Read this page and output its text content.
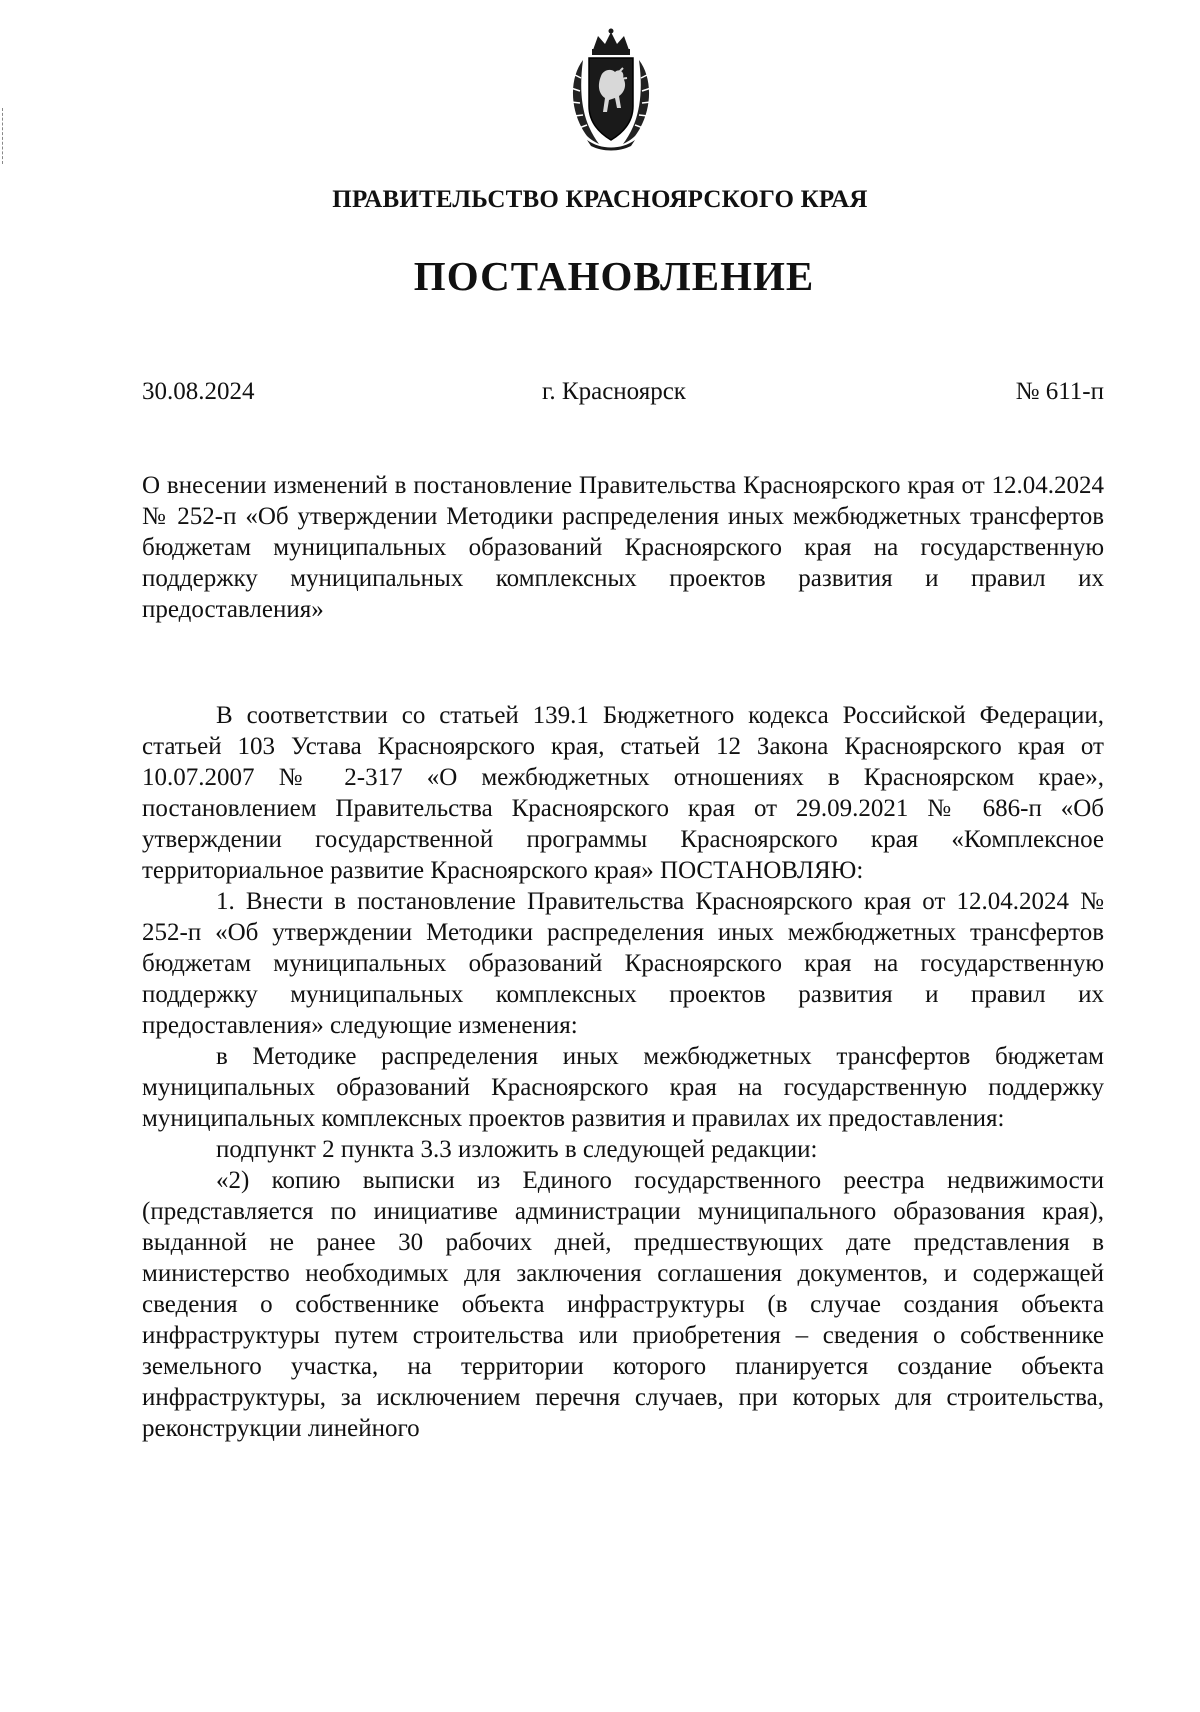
ПРАВИТЕЛЬСТВО КРАСНОЯРСКОГО КРАЯ
ПОСТАНОВЛЕНИЕ
30.08.2024	г. Красноярск	№ 611-п
О внесении изменений в постановление Правительства Красноярского края от 12.04.2024 № 252-п «Об утверждении Методики распределения иных межбюджетных трансфертов бюджетам муниципальных образований Красноярского края на государственную поддержку муниципальных комплексных проектов развития и правил их предоставления»

В соответствии со статьей 139.1 Бюджетного кодекса Российской Федерации, статьей 103 Устава Красноярского края, статьей 12 Закона Красноярского края от 10.07.2007 № 2-317 «О межбюджетных отношениях в Красноярском крае», постановлением Правительства Красноярского края от 29.09.2021 № 686-п «Об утверждении государственной программы Красноярского края «Комплексное территориальное развитие Красноярского края» ПОСТАНОВЛЯЮ:

1. Внести в постановление Правительства Красноярского края от 12.04.2024 № 252-п «Об утверждении Методики распределения иных межбюджетных трансфертов бюджетам муниципальных образований Красноярского края на государственную поддержку муниципальных комплексных проектов развития и правил их предоставления» следующие изменения:

в Методике распределения иных межбюджетных трансфертов бюджетам муниципальных образований Красноярского края на государственную поддержку муниципальных комплексных проектов развития и правилах их предоставления:

подпункт 2 пункта 3.3 изложить в следующей редакции:

«2) копию выписки из Единого государственного реестра недвижимости (представляется по инициативе администрации муниципального образования края), выданной не ранее 30 рабочих дней, предшествующих дате представления в министерство необходимых для заключения соглашения документов, и содержащей сведения о собственнике объекта инфраструктуры (в случае создания объекта инфраструктуры путем строительства или приобретения – сведения о собственнике земельного участка, на территории которого планируется создание объекта инфраструктуры, за исключением перечня случаев, при которых для строительства, реконструкции линейного
